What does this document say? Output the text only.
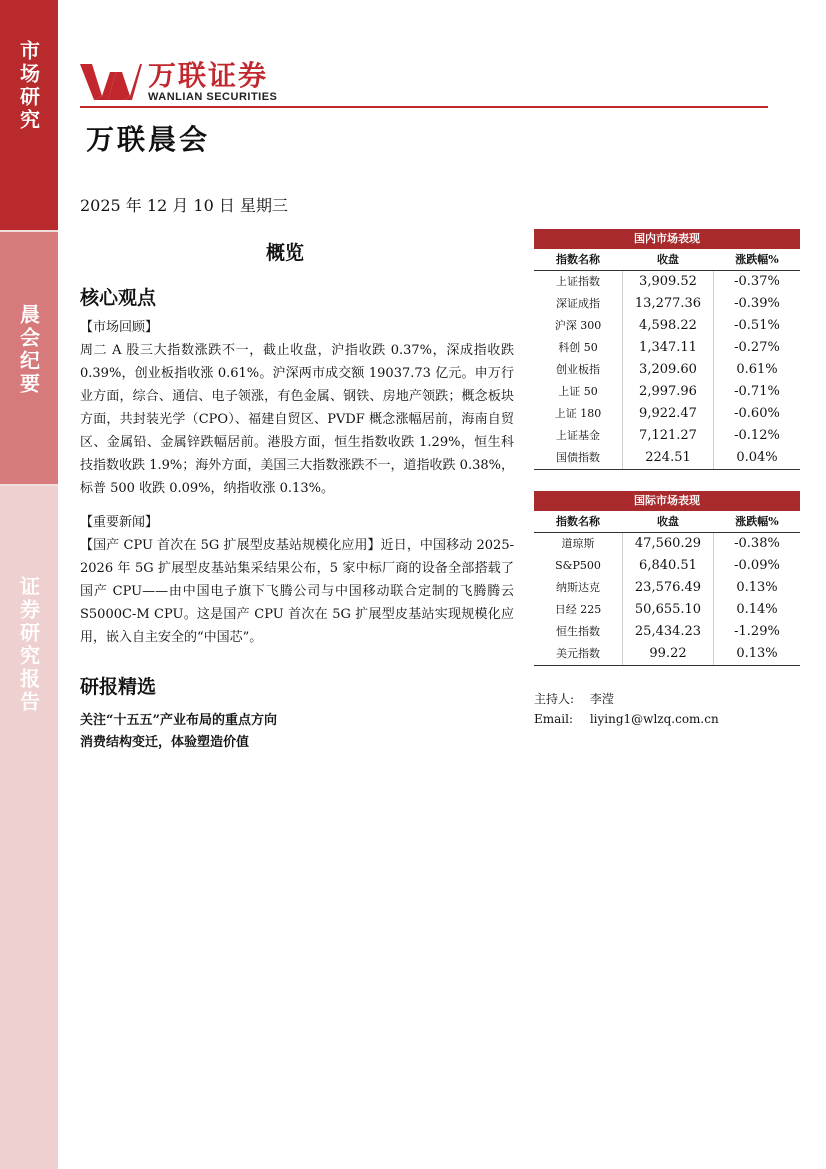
市场研究
晨会纪要
证券研究报告
万联证券
WANLIAN SECURITIES
万联晨会
2025 年 12 月 10 日 星期三
概览
核心观点
【市场回顾】
周二 A 股三大指数涨跌不一，截止收盘，沪指收跌 0.37%，深成指收跌 0.39%，创业板指收涨 0.61%。沪深两市成交额 19037.73 亿元。申万行业方面，综合、通信、电子领涨，有色金属、钢铁、房地产领跌；概念板块方面，共封装光学（CPO）、福建自贸区、PVDF 概念涨幅居前，海南自贸区、金属铅、金属锌跌幅居前。港股方面，恒生指数收跌 1.29%，恒生科技指数收跌 1.9%；海外方面，美国三大指数涨跌不一，道指收跌 0.38%，标普 500 收跌 0.09%，纳指收涨 0.13%。
【重要新闻】
【国产 CPU 首次在 5G 扩展型皮基站规模化应用】近日，中国移动 2025-2026 年 5G 扩展型皮基站集采结果公布，5 家中标厂商的设备全部搭载了国产 CPU——由中国电子旗下飞腾公司与中国移动联合定制的飞腾腾云 S5000C-M CPU。这是国产 CPU 首次在 5G 扩展型皮基站实现规模化应用，嵌入自主安全的“中国芯”。
研报精选
关注“十五五”产业布局的重点方向
消费结构变迁，体验塑造价值
国内市场表现
指数名称	收盘	涨跌幅%
上证指数	3,909.52	-0.37%
深证成指	13,277.36	-0.39%
沪深 300	4,598.22	-0.51%
科创 50	1,347.11	-0.27%
创业板指	3,209.60	0.61%
上证 50	2,997.96	-0.71%
上证 180	9,922.47	-0.60%
上证基金	7,121.27	-0.12%
国债指数	224.51	0.04%
国际市场表现
指数名称	收盘	涨跌幅%
道琼斯	47,560.29	-0.38%
S&P500	6,840.51	-0.09%
纳斯达克	23,576.49	0.13%
日经 225	50,655.10	0.14%
恒生指数	25,434.23	-1.29%
美元指数	99.22	0.13%
主持人: 李滢
Email: liying1@wlzq.com.cn
